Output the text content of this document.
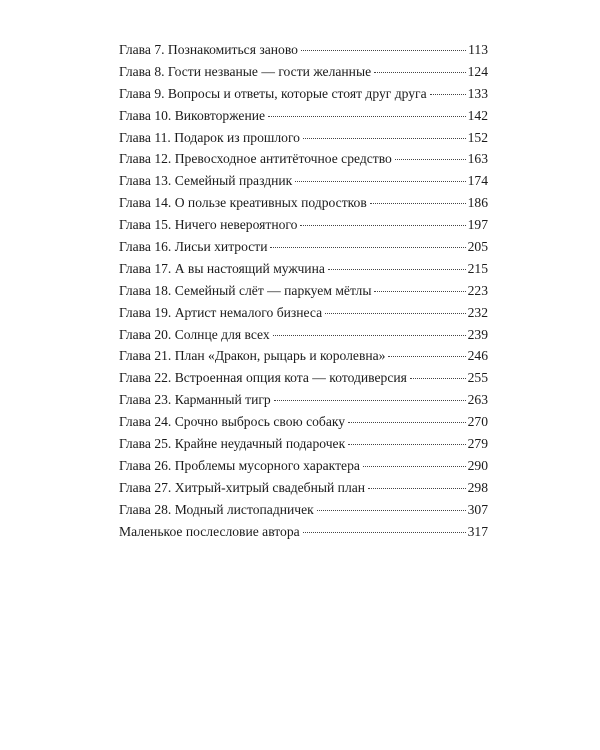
Глава 7. Познакомиться заново	113
Глава 8. Гости незваные — гости желанные	124
Глава 9. Вопросы и ответы, которые стоят друг друга	133
Глава 10. Виковторжение	142
Глава 11. Подарок из прошлого	152
Глава 12. Превосходное антитёточное средство	163
Глава 13. Семейный праздник	174
Глава 14. О пользе креативных подростков	186
Глава 15. Ничего невероятного	197
Глава 16. Лисьи хитрости	205
Глава 17. А вы настоящий мужчина	215
Глава 18. Семейный слёт — паркуем мётлы	223
Глава 19. Артист немалого бизнеса	232
Глава 20. Солнце для всех	239
Глава 21. План «Дракон, рыцарь и королевна»	246
Глава 22. Встроенная опция кота — котодиверсия	255
Глава 23. Карманный тигр	263
Глава 24. Срочно выбрось свою собаку	270
Глава 25. Крайне неудачный подарочек	279
Глава 26. Проблемы мусорного характера	290
Глава 27. Хитрый-хитрый свадебный план	298
Глава 28. Модный листопадничек	307
Маленькое послесловие автора	317
